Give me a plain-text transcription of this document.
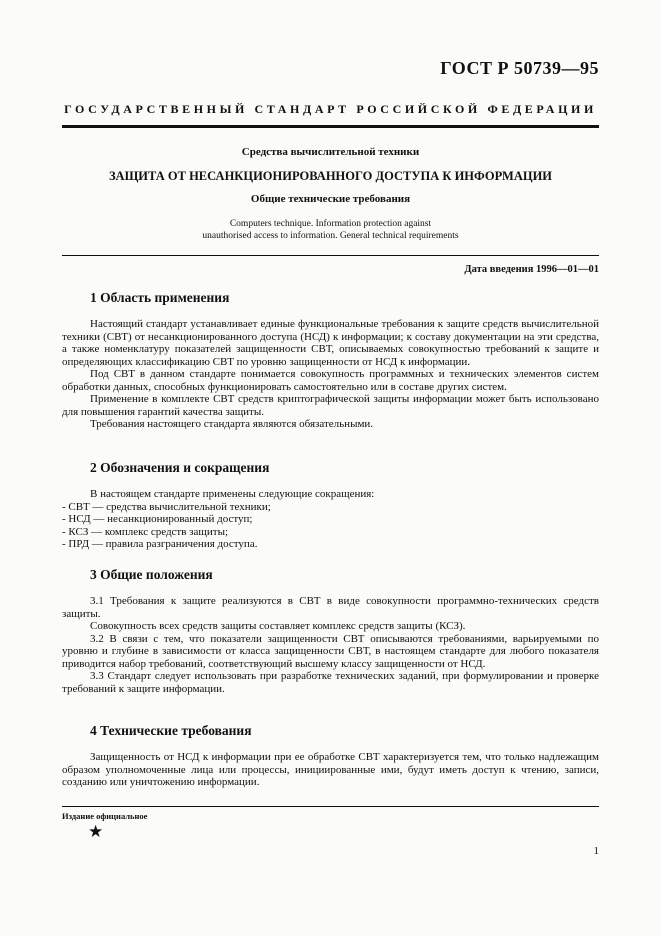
ГОСТ Р 50739—95
ГОСУДАРСТВЕННЫЙ СТАНДАРТ РОССИЙСКОЙ ФЕДЕРАЦИИ
Средства вычислительной техники
ЗАЩИТА ОТ НЕСАНКЦИОНИРОВАННОГО ДОСТУПА К ИНФОРМАЦИИ
Общие технические требования
Computers technique. Information protection against
unauthorised access to information. General technical requirements
Дата введения 1996—01—01
1 Область применения

Настоящий стандарт устанавливает единые функциональные требования к защите средств вычислительной техники (СВТ) от несанкционированного доступа (НСД) к информации; к составу документации на эти средства, а также номенклатуру показателей защищенности СВТ, описываемых совокупностью требований к защите и определяющих классификацию СВТ по уровню защищенности от НСД к информации.

Под СВТ в данном стандарте понимается совокупность программных и технических элементов систем обработки данных, способных функционировать самостоятельно или в составе других систем.

Применение в комплекте СВТ средств криптографической защиты информации может быть использовано для повышения гарантий качества защиты.

Требования настоящего стандарта являются обязательными.

2 Обозначения и сокращения

В настоящем стандарте применены следующие сокращения:

- СВТ — средства вычислительной техники;

- НСД — несанкционированный доступ;

- КСЗ — комплекс средств защиты;

- ПРД — правила разграничения доступа.

3 Общие положения

3.1 Требования к защите реализуются в СВТ в виде совокупности программно-технических средств защиты.

Совокупность всех средств защиты составляет комплекс средств защиты (КСЗ).

3.2 В связи с тем, что показатели защищенности СВТ описываются требованиями, варьируемыми по уровню и глубине в зависимости от класса защищенности СВТ, в настоящем стандарте для любого показателя приводится набор требований, соответствующий высшему классу защищенности от НСД.

3.3 Стандарт следует использовать при разработке технических заданий, при формулировании и проверке требований к защите информации.

4 Технические требования

Защищенность от НСД к информации при ее обработке СВТ характеризуется тем, что только надлежащим образом уполномоченные лица или процессы, инициированные ими, будут иметь доступ к чтению, записи, созданию или уничтожению информации.

Издание официальное
★
1
